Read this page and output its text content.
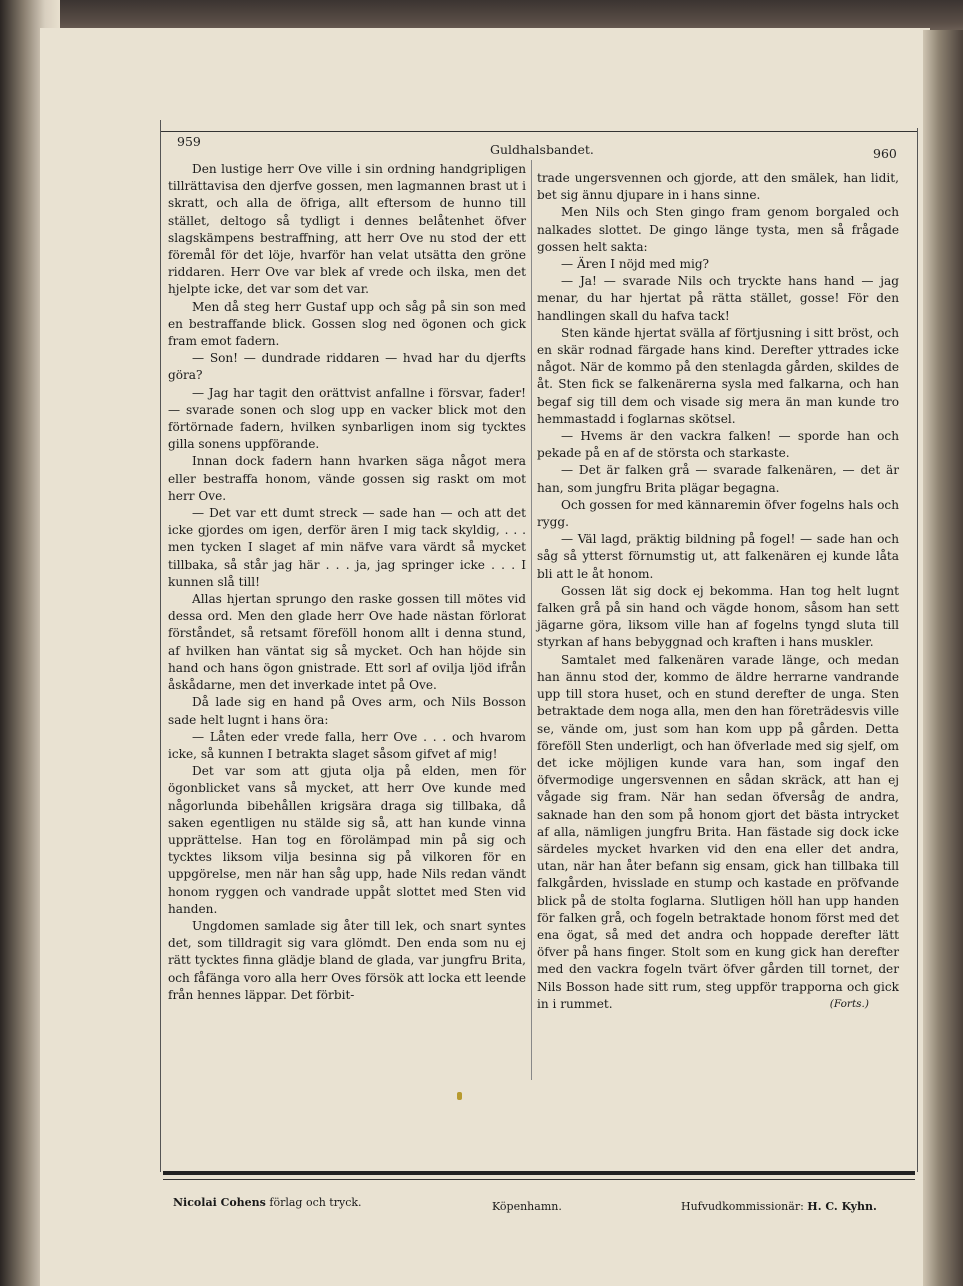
959
Guldhalsbandet.	960

Den lustige herr Ove ville i sin ordning handgripligen tillrättavisa den djerfve gossen, men lagmannen brast ut i skratt, och alla de öfriga, allt eftersom de hunno till stället, deltogo så tydligt i dennes belåtenhet öfver slagskämpens bestraffning, att herr Ove nu stod der ett föremål för det löje, hvarför han velat utsätta den gröne riddaren. Herr Ove var blek af vrede och ilska, men det hjelpte icke, det var som det var.

Men då steg herr Gustaf upp och såg på sin son med en bestraffande blick. Gossen slog ned ögonen och gick fram emot fadern.

— Son! — dundrade riddaren — hvad har du djerfts göra?

— Jag har tagit den orättvist anfallne i försvar, fader! — svarade sonen och slog upp en vacker blick mot den förtörnade fadern, hvilken synbarligen inom sig tycktes gilla sonens uppförande.

Innan dock fadern hann hvarken säga något mera eller bestraffa honom, vände gossen sig raskt om mot herr Ove.

— Det var ett dumt streck — sade han — och att det icke gjordes om igen, derför ären I mig tack skyldig, . . . men tycken I slaget af min näfve vara värdt så mycket tillbaka, så står jag här . . . ja, jag springer icke . . . I kunnen slå till!

Allas hjertan sprungo den raske gossen till mötes vid dessa ord. Men den glade herr Ove hade nästan förlorat förståndet, så retsamt föreföll honom allt i denna stund, af hvilken han väntat sig så mycket. Och han höjde sin hand och hans ögon gnistrade. Ett sorl af ovilja ljöd ifrån åskådarne, men det inverkade intet på Ove.

Då lade sig en hand på Oves arm, och Nils Bosson sade helt lugnt i hans öra:

— Låten eder vrede falla, herr Ove . . . och hvarom icke, så kunnen I betrakta slaget såsom gifvet af mig!

Det var som att gjuta olja på elden, men för ögonblicket vans så mycket, att herr Ove kunde med någorlunda bibehållen krigsära draga sig tillbaka, då saken egentligen nu stälde sig så, att han kunde vinna upprättelse. Han tog en förolämpad min på sig och tycktes liksom vilja besinna sig på vilkoren för en uppgörelse, men när han såg upp, hade Nils redan vändt honom ryggen och vandrade uppåt slottet med Sten vid handen.

Ungdomen samlade sig åter till lek, och snart syntes det, som tilldragit sig vara glömdt. Den enda som nu ej rätt tycktes finna glädje bland de glada, var jungfru Brita, och fåfänga voro alla herr Oves försök att locka ett leende från hennes läppar. Det förbit-

trade ungersvennen och gjorde, att den smälek, han lidit, bet sig ännu djupare in i hans sinne.

Men Nils och Sten gingo fram genom borgaled och nalkades slottet. De gingo länge tysta, men så frågade gossen helt sakta:

— Ären I nöjd med mig?

— Ja! — svarade Nils och tryckte hans hand — jag menar, du har hjertat på rätta stället, gosse! För den handlingen skall du hafva tack!

Sten kände hjertat svälla af förtjusning i sitt bröst, och en skär rodnad färgade hans kind. Derefter yttrades icke något. När de kommo på den stenlagda gården, skildes de åt. Sten fick se falkenärerna sysla med falkarna, och han begaf sig till dem och visade sig mera än man kunde tro hemmastadd i foglarnas skötsel.

— Hvems är den vackra falken! — sporde han och pekade på en af de största och starkaste.

— Det är falken grå — svarade falkenären, — det är han, som jungfru Brita plägar begagna.

Och gossen for med kännaremin öfver fogelns hals och rygg.

— Väl lagd, präktig bildning på fogel! — sade han och såg så ytterst förnumstig ut, att falkenären ej kunde låta bli att le åt honom.

Gossen lät sig dock ej bekomma. Han tog helt lugnt falken grå på sin hand och vägde honom, såsom han sett jägarne göra, liksom ville han af fogelns tyngd sluta till styrkan af hans bebyggnad och kraften i hans muskler.

Samtalet med falkenären varade länge, och medan han ännu stod der, kommo de äldre herrarne vandrande upp till stora huset, och en stund derefter de unga. Sten betraktade dem noga alla, men den han företrädesvis ville se, vände om, just som han kom upp på gården. Detta föreföll Sten underligt, och han öfverlade med sig sjelf, om det icke möjligen kunde vara han, som ingaf den öfvermodige ungersvennen en sådan skräck, att han ej vågade sig fram. När han sedan öfversåg de andra, saknade han den som på honom gjort det bästa intrycket af alla, nämligen jungfru Brita. Han fästade sig dock icke särdeles mycket hvarken vid den ena eller det andra, utan, när han åter befann sig ensam, gick han tillbaka till falkgården, hvisslade en stump och kastade en pröfvande blick på de stolta foglarna. Slutligen höll han upp handen för falken grå, och fogeln betraktade honom först med det ena ögat, så med det andra och hoppade derefter lätt öfver på hans finger. Stolt som en kung gick han derefter med den vackra fogeln tvärt öfver gården till tornet, der Nils Bosson hade sitt rum, steg uppför trapporna och gick in i rummet.	(Forts.)
Nicolai Cohens förlag och tryck.	Köpenhamn.	Hufvudkommissionär: H. C. Kyhn.
